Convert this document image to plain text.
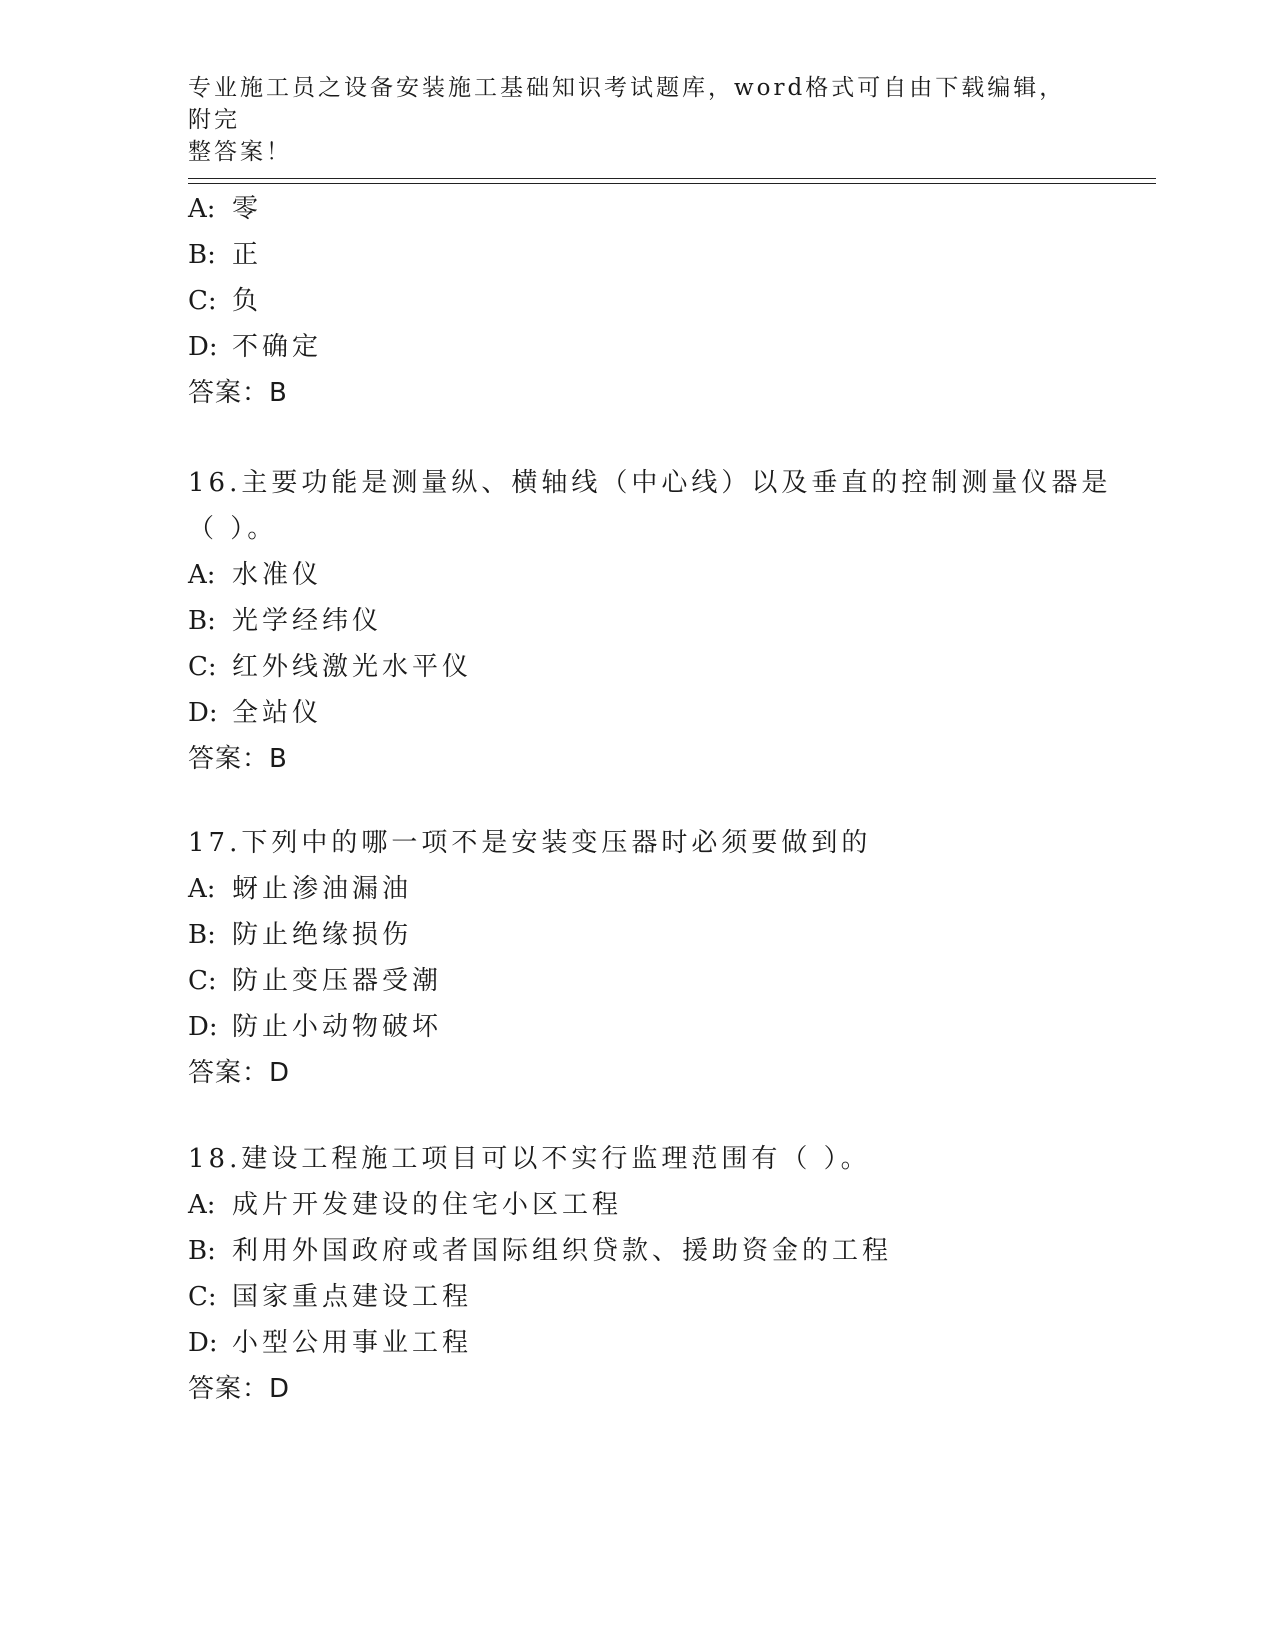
专业施工员之设备安装施工基础知识考试题库，word格式可自由下载编辑，附完
整答案！
A: 零
B: 正
C: 负
D: 不确定
答案：B
16.主要功能是测量纵、横轴线（中心线）以及垂直的控制测量仪器是
（ ）。
A: 水准仪
B: 光学经纬仪
C: 红外线激光水平仪
D: 全站仪
答案：B
17.下列中的哪一项不是安装变压器时必须要做到的
A: 蚜止渗油漏油
B: 防止绝缘损伤
C: 防止变压器受潮
D: 防止小动物破坏
答案：D
18.建设工程施工项目可以不实行监理范围有（ ）。
A: 成片开发建设的住宅小区工程
B: 利用外国政府或者国际组织贷款、援助资金的工程
C: 国家重点建设工程
D: 小型公用事业工程
答案：D
